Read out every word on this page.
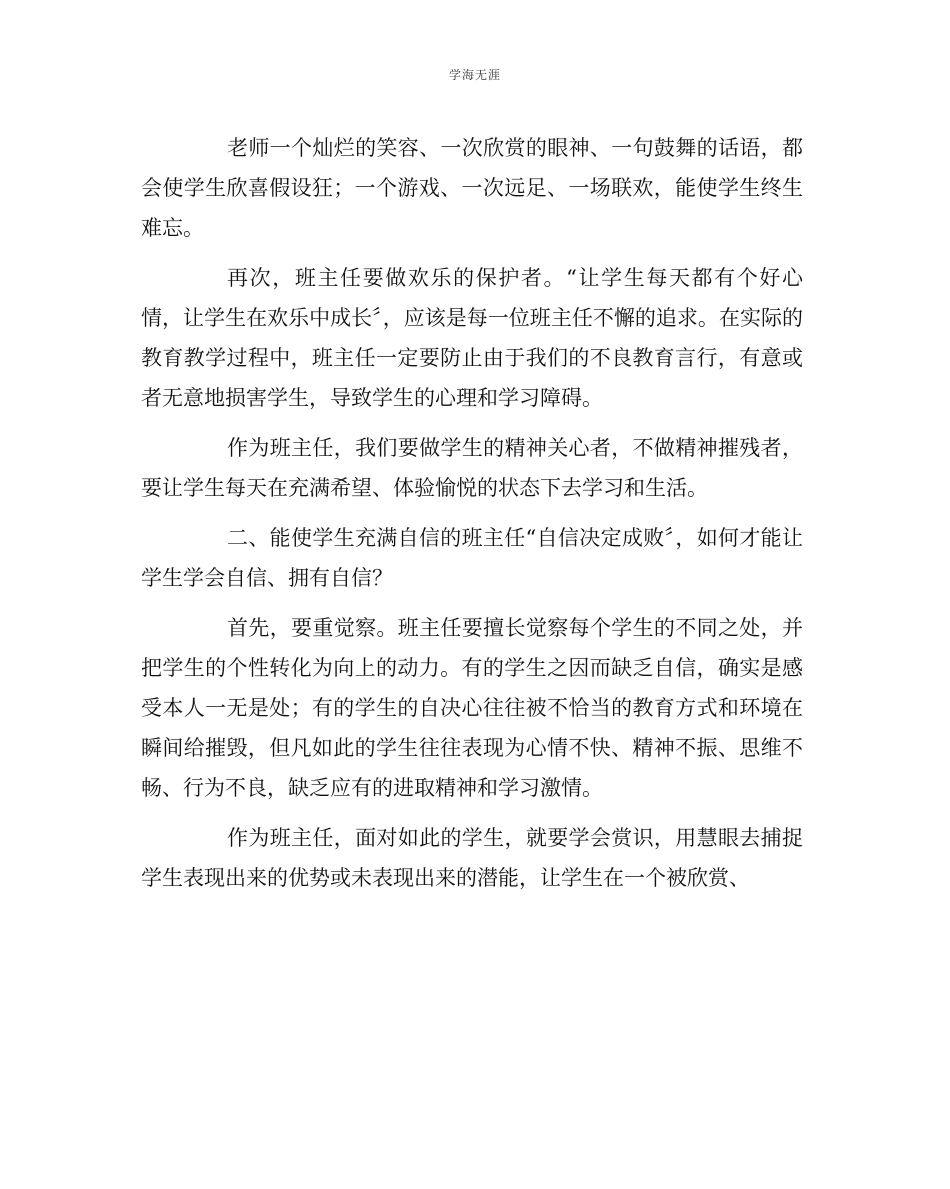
学海无涯

老师一个灿烂的笑容、一次欣赏的眼神、一句鼓舞的话语，都会使学生欣喜假设狂；一个游戏、一次远足、一场联欢，能使学生终生难忘。

再次，班主任要做欢乐的保护者。“让学生每天都有个好心情，让学生在欢乐中成长〞，应该是每一位班主任不懈的追求。在实际的教育教学过程中，班主任一定要防止由于我们的不良教育言行，有意或者无意地损害学生，导致学生的心理和学习障碍。

作为班主任，我们要做学生的精神关心者，不做精神摧残者，要让学生每天在充满希望、体验愉悦的状态下去学习和生活。

二、能使学生充满自信的班主任“自信决定成败〞，如何才能让学生学会自信、拥有自信？

首先，要重觉察。班主任要擅长觉察每个学生的不同之处，并把学生的个性转化为向上的动力。有的学生之因而缺乏自信，确实是感受本人一无是处；有的学生的自决心往往被不恰当的教育方式和环境在瞬间给摧毁，但凡如此的学生往往表现为心情不快、精神不振、思维不畅、行为不良，缺乏应有的进取精神和学习激情。

作为班主任，面对如此的学生，就要学会赏识，用慧眼去捕捉学生表现出来的优势或未表现出来的潜能，让学生在一个被欣赏、
